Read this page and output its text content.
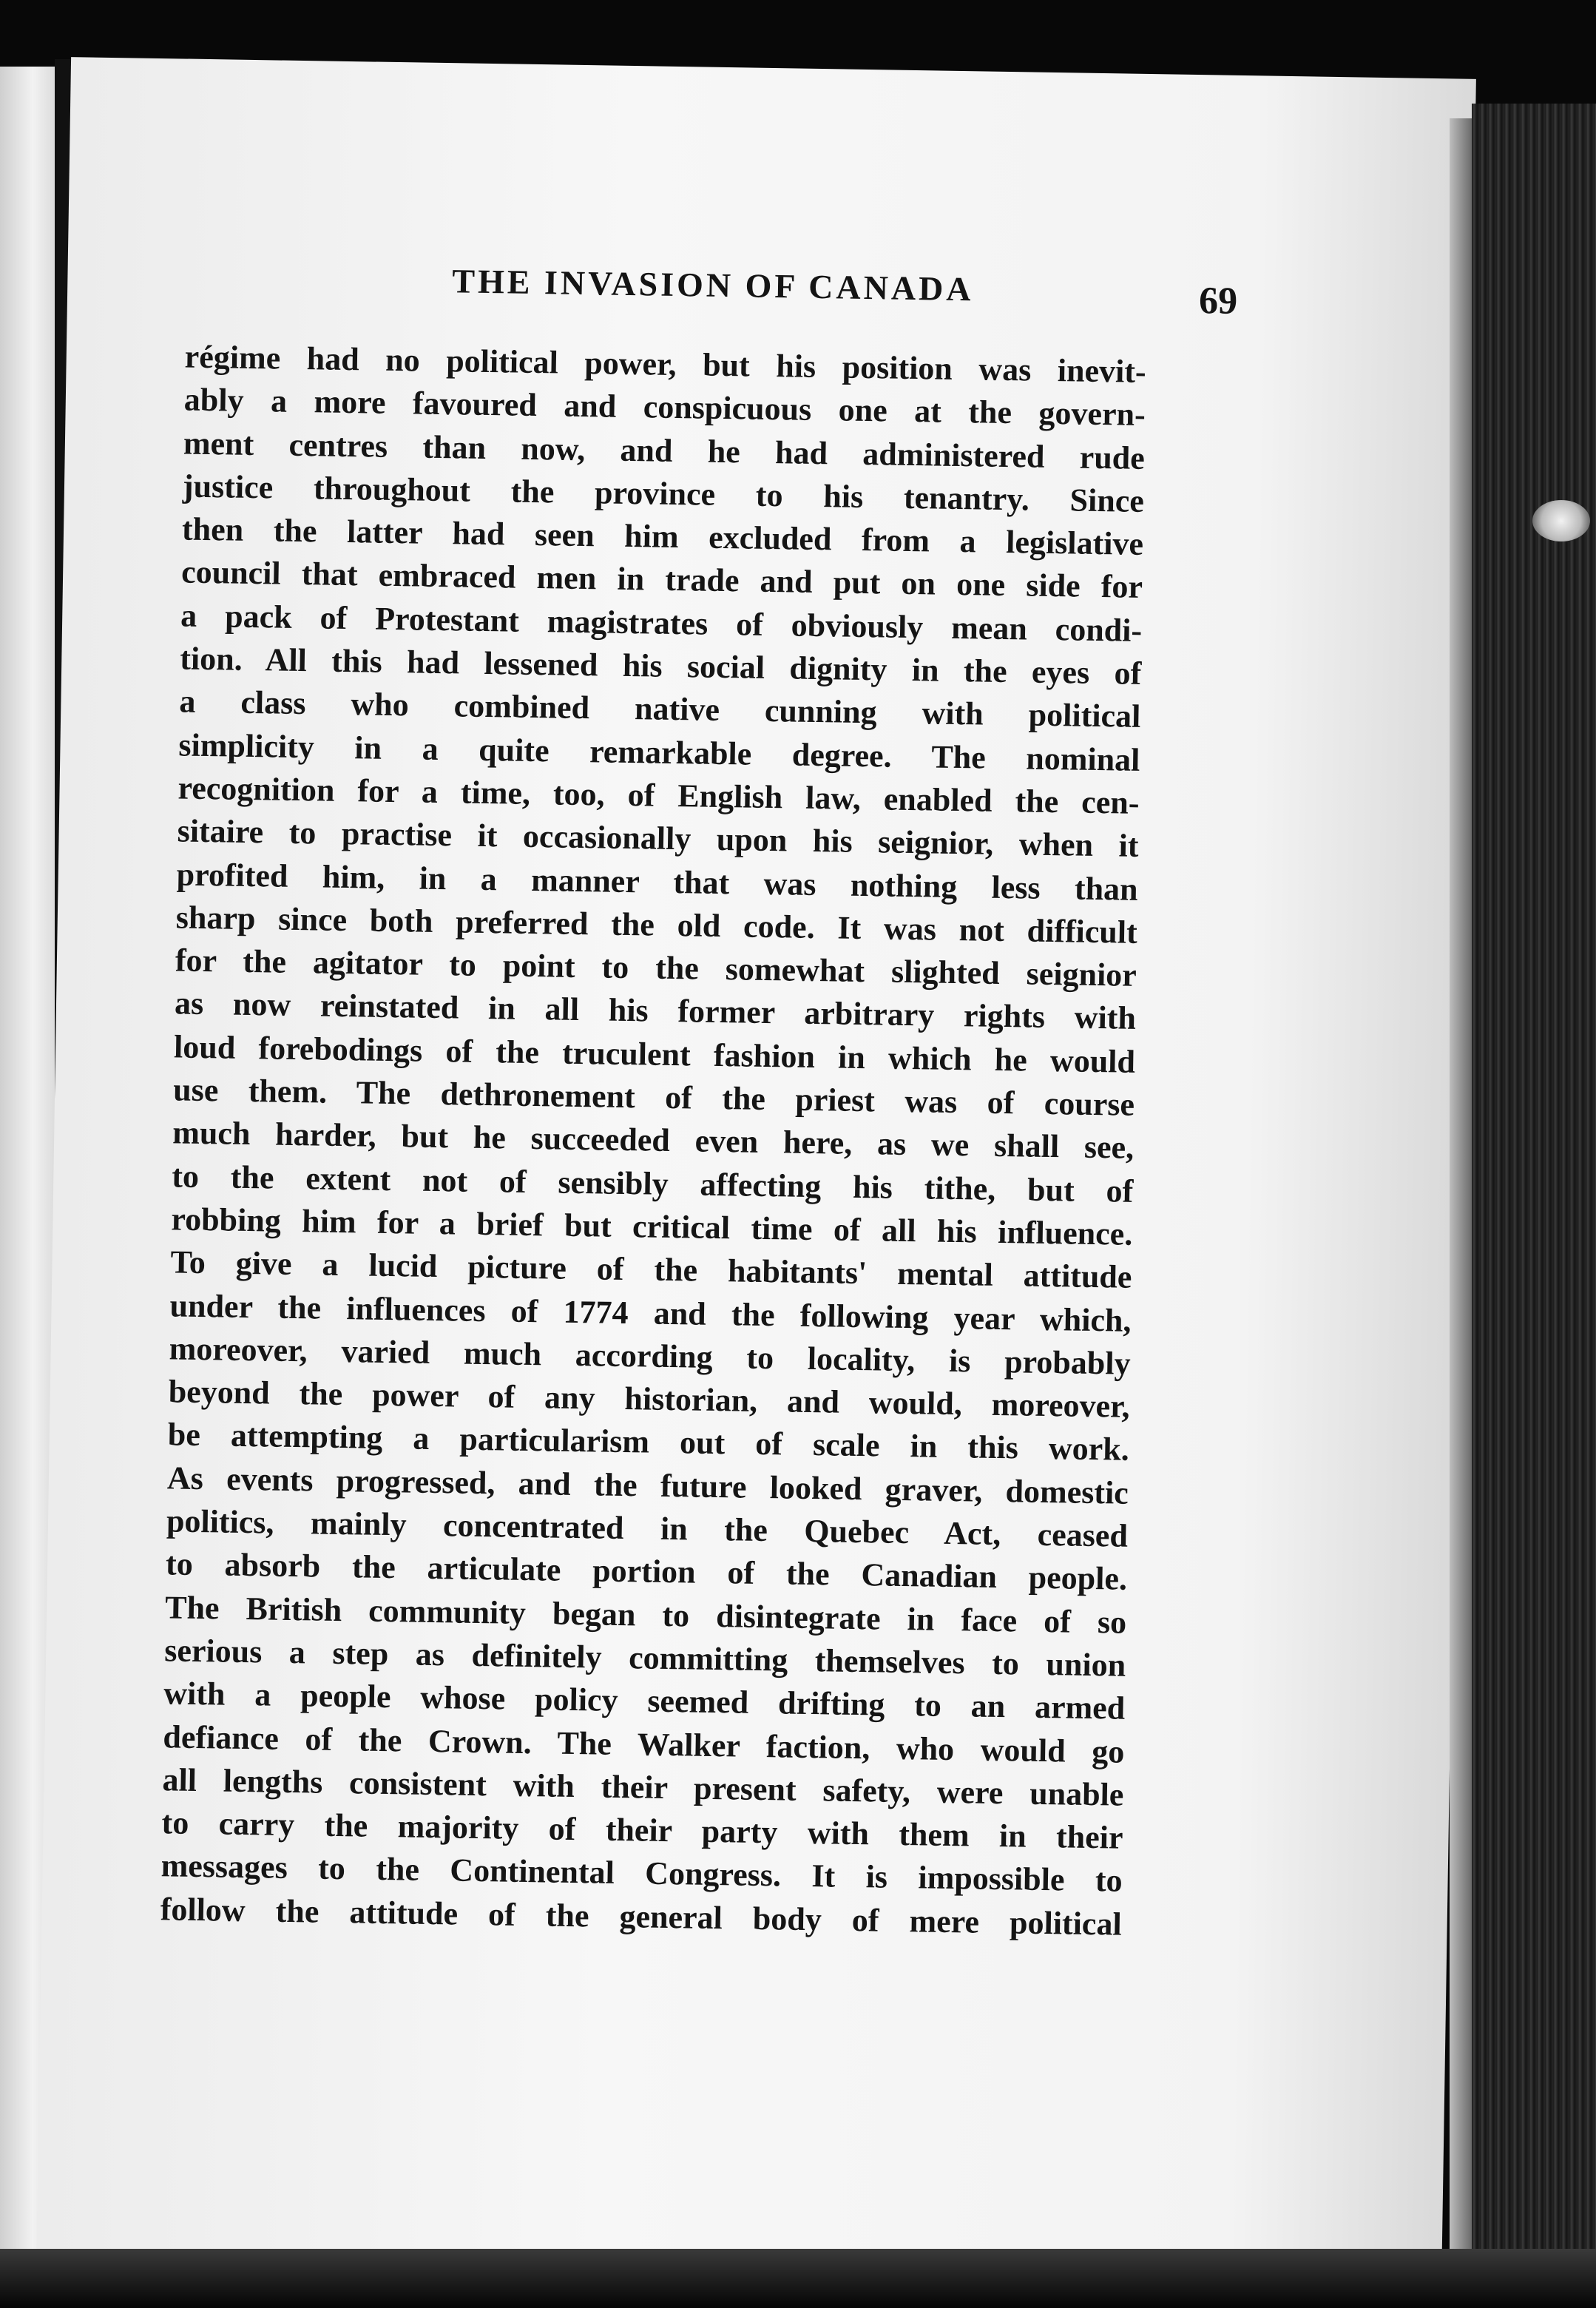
THE INVASION OF CANADA	69
régime had no political power, but his position was inevit-
ably a more favoured and conspicuous one at the govern-
ment centres than now, and he had administered rude
justice throughout the province to his tenantry. Since
then the latter had seen him excluded from a legislative
council that embraced men in trade and put on one side for
a pack of Protestant magistrates of obviously mean condi-
tion. All this had lessened his social dignity in the eyes of
a class who combined native cunning with political
simplicity in a quite remarkable degree. The nominal
recognition for a time, too, of English law, enabled the cen-
sitaire to practise it occasionally upon his seignior, when it
profited him, in a manner that was nothing less than
sharp since both preferred the old code. It was not difficult
for the agitator to point to the somewhat slighted seignior
as now reinstated in all his former arbitrary rights with
loud forebodings of the truculent fashion in which he would
use them. The dethronement of the priest was of course
much harder, but he succeeded even here, as we shall see,
to the extent not of sensibly affecting his tithe, but of
robbing him for a brief but critical time of all his influence.
To give a lucid picture of the habitants' mental attitude
under the influences of 1774 and the following year which,
moreover, varied much according to locality, is probably
beyond the power of any historian, and would, moreover,
be attempting a particularism out of scale in this work.
As events progressed, and the future looked graver, domestic
politics, mainly concentrated in the Quebec Act, ceased
to absorb the articulate portion of the Canadian people.
The British community began to disintegrate in face of so
serious a step as definitely committing themselves to union
with a people whose policy seemed drifting to an armed
defiance of the Crown. The Walker faction, who would go
all lengths consistent with their present safety, were unable
to carry the majority of their party with them in their
messages to the Continental Congress. It is impossible to
follow the attitude of the general body of mere political
